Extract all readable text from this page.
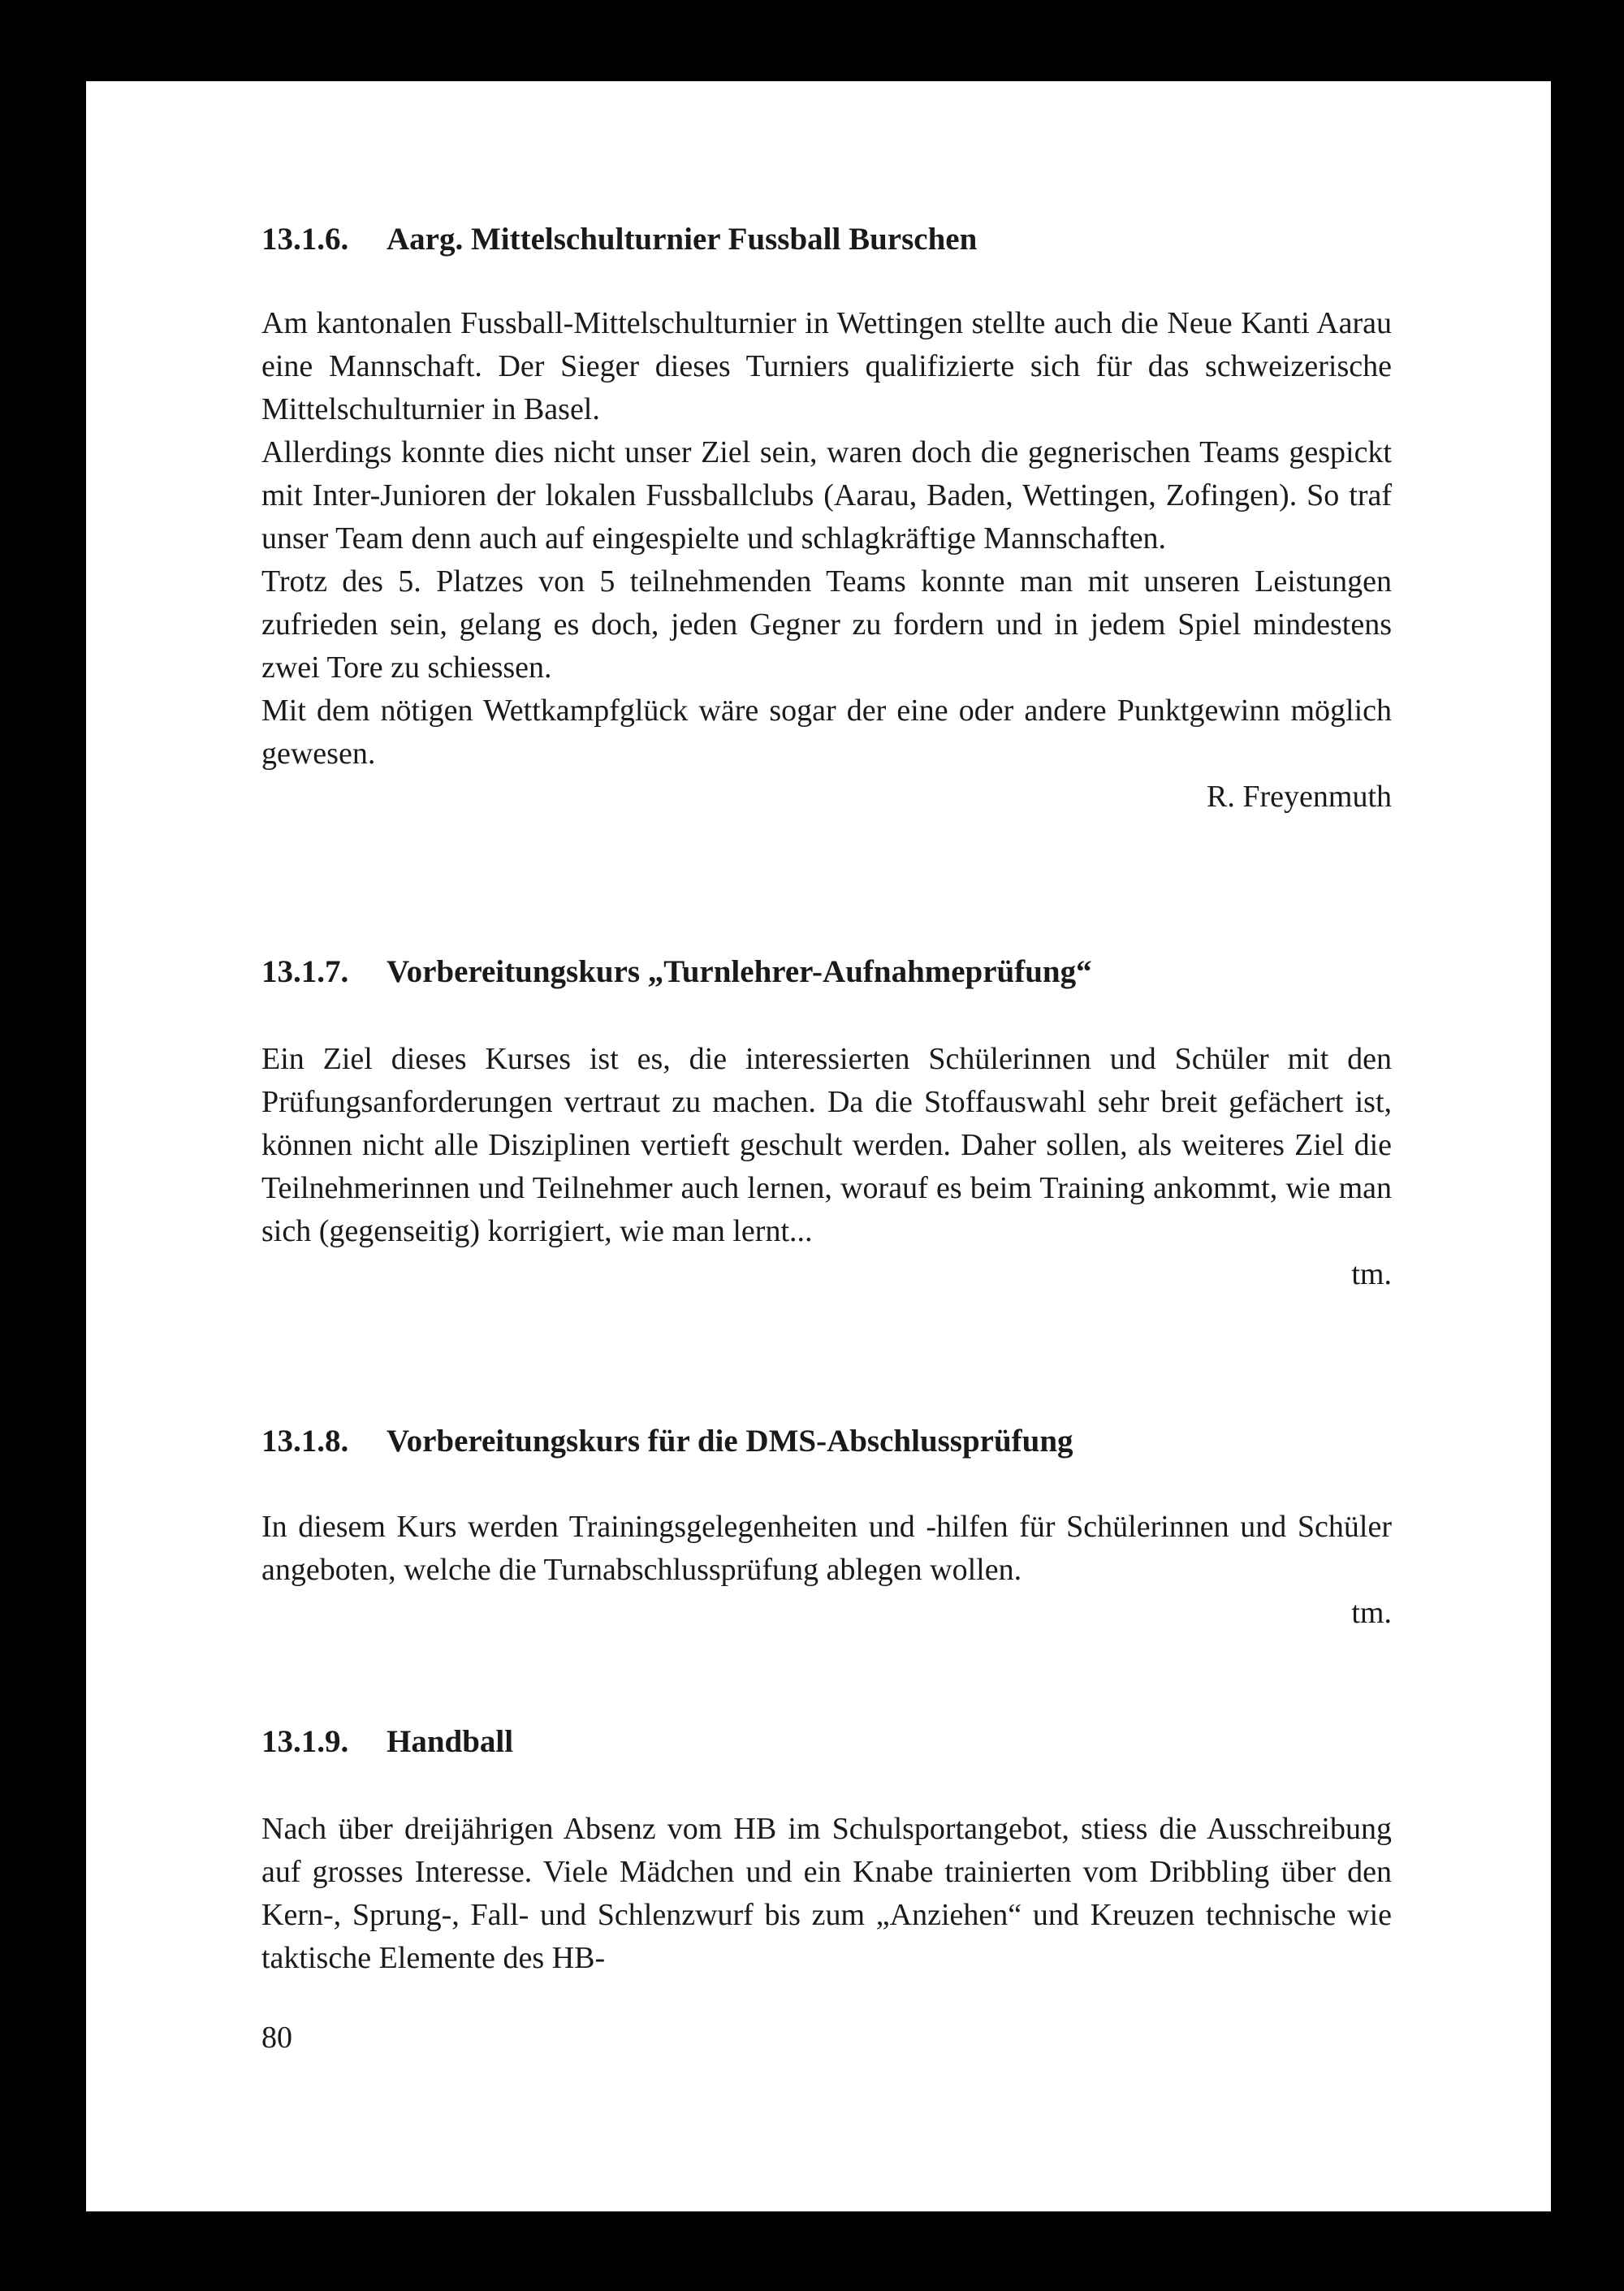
13.1.6. Aarg. Mittelschulturnier Fussball Burschen

Am kantonalen Fussball-Mittelschulturnier in Wettingen stellte auch die Neue Kanti Aarau eine Mannschaft. Der Sieger dieses Turniers qualifizierte sich für das schweizerische Mittelschulturnier in Basel.

Allerdings konnte dies nicht unser Ziel sein, waren doch die gegnerischen Teams gespickt mit Inter-Junioren der lokalen Fussballclubs (Aarau, Baden, Wettingen, Zofingen). So traf unser Team denn auch auf eingespielte und schlagkräftige Mannschaften.

Trotz des 5. Platzes von 5 teilnehmenden Teams konnte man mit unseren Leistungen zufrieden sein, gelang es doch, jeden Gegner zu fordern und in jedem Spiel mindestens zwei Tore zu schiessen.

Mit dem nötigen Wettkampfglück wäre sogar der eine oder andere Punktgewinn möglich gewesen.

R. Freyenmuth

13.1.7. Vorbereitungskurs „Turnlehrer-Aufnahmeprüfung“

Ein Ziel dieses Kurses ist es, die interessierten Schülerinnen und Schüler mit den Prüfungsanforderungen vertraut zu machen. Da die Stoffauswahl sehr breit gefächert ist, können nicht alle Disziplinen vertieft geschult werden. Daher sollen, als weiteres Ziel die Teilnehmerinnen und Teilnehmer auch lernen, worauf es beim Training ankommt, wie man sich (gegenseitig) korrigiert, wie man lernt...

tm.

13.1.8. Vorbereitungskurs für die DMS-Abschlussprüfung

In diesem Kurs werden Trainingsgelegenheiten und -hilfen für Schülerinnen und Schüler angeboten, welche die Turnabschlussprüfung ablegen wollen.

tm.

13.1.9. Handball

Nach über dreijährigen Absenz vom HB im Schulsportangebot, stiess die Ausschreibung auf grosses Interesse. Viele Mädchen und ein Knabe trainierten vom Dribbling über den Kern-, Sprung-, Fall- und Schlenzwurf bis zum „Anziehen“ und Kreuzen technische wie taktische Elemente des HB-

80
